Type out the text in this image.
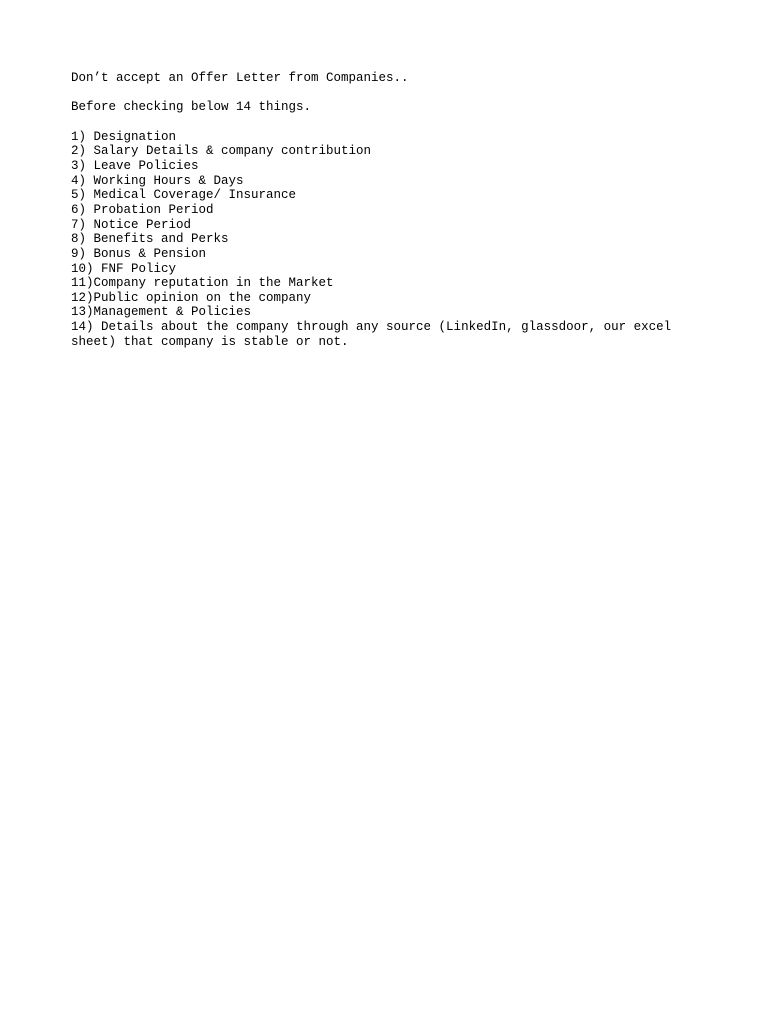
Don’t accept an Offer Letter from Companies..
Before checking below 14 things.
1) Designation
2) Salary Details & company contribution
3) Leave Policies
4) Working Hours & Days
5) Medical Coverage/ Insurance
6) Probation Period
7) Notice Period
8) Benefits and Perks
9) Bonus & Pension
10) FNF Policy
11)Company reputation in the Market
12)Public opinion on the company
13)Management & Policies
14) Details about the company through any source (LinkedIn, glassdoor, our excel sheet) that company is stable or not.
